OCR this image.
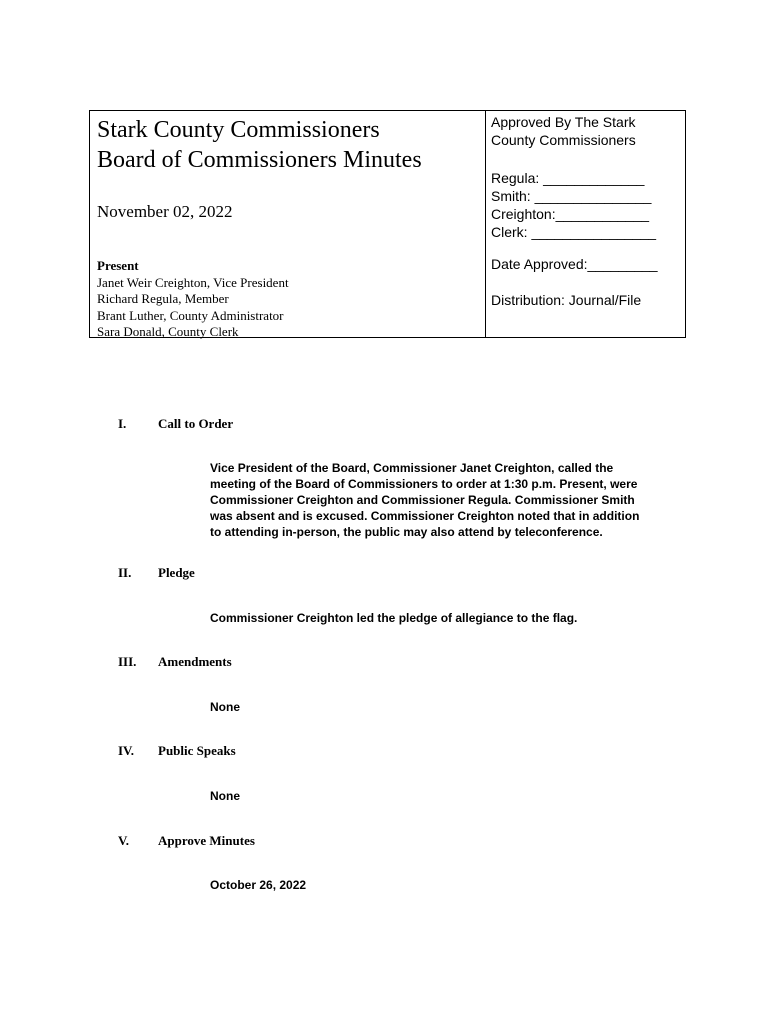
Stark County Commissioners
Board of Commissioners Minutes
November 02, 2022
Present
Janet Weir Creighton, Vice President
Richard Regula, Member
Brant Luther, County Administrator
Sara Donald, County Clerk
Approved By The Stark
County Commissioners
Regula: _____________
Smith: _______________
Creighton:____________
Clerk: ________________
Date Approved:_________
Distribution: Journal/File
I. Call to Order
Vice President of the Board, Commissioner Janet Creighton, called the
meeting of the Board of Commissioners to order at 1:30 p.m. Present, were
Commissioner Creighton and Commissioner Regula. Commissioner Smith
was absent and is excused. Commissioner Creighton noted that in addition
to attending in-person, the public may also attend by teleconference.
II. Pledge
Commissioner Creighton led the pledge of allegiance to the flag.
III. Amendments
None
IV. Public Speaks
None
V. Approve Minutes
October 26, 2022
